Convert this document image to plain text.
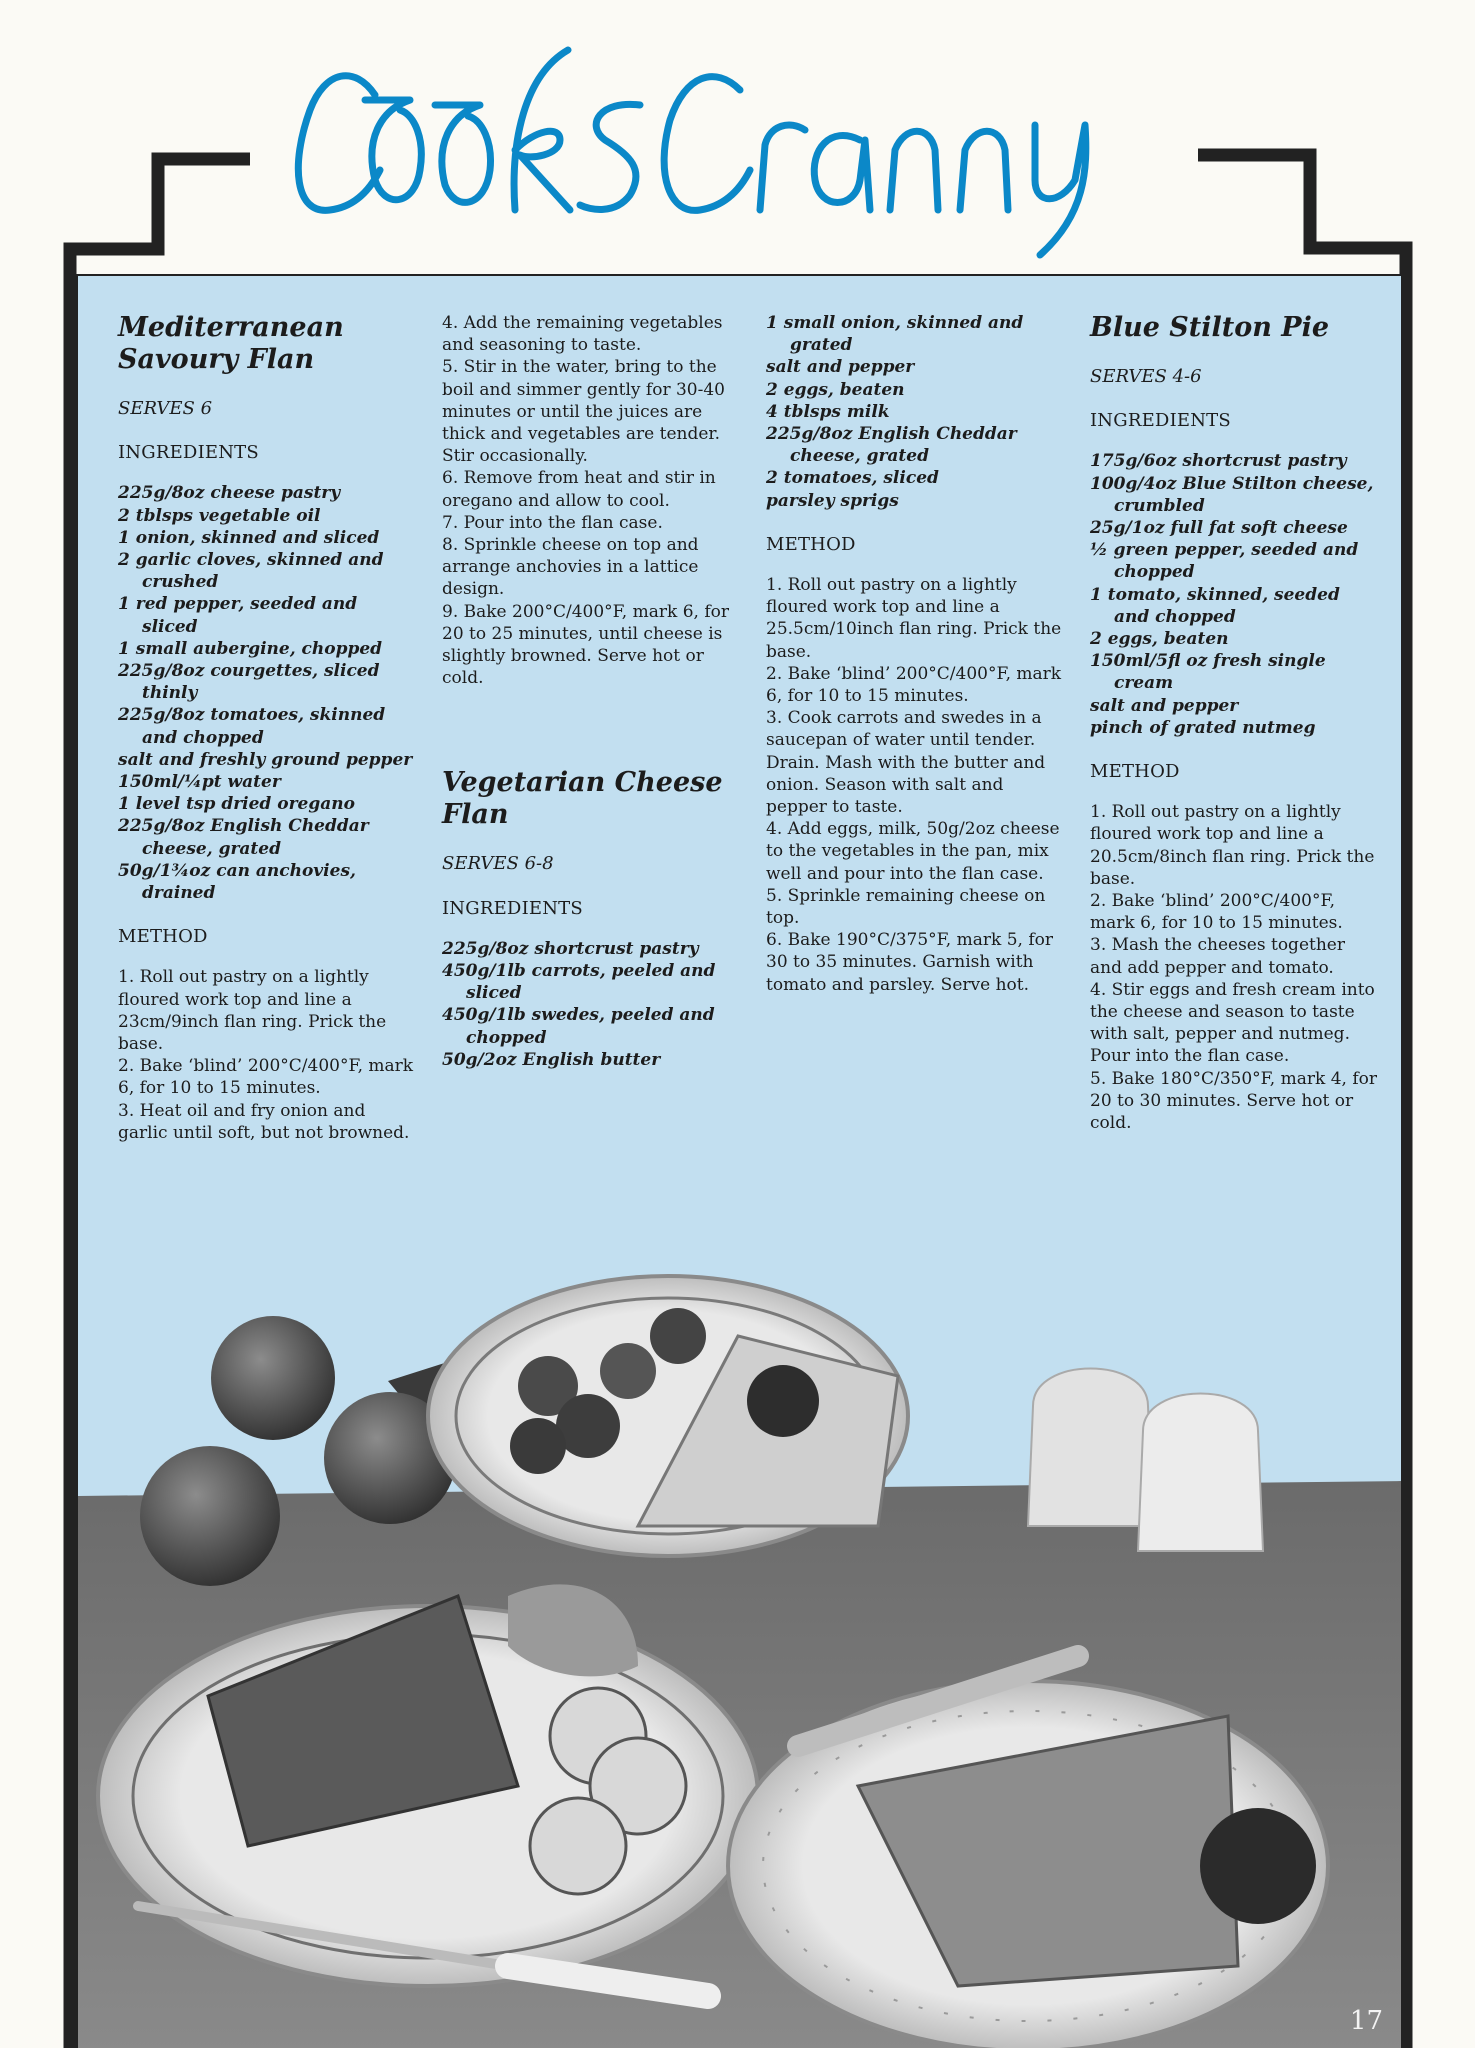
Mediterranean
Savoury Flan
SERVES 6
INGREDIENTS
225g/8oz cheese pastry
2 tblsps vegetable oil
1 onion, skinned and sliced
2 garlic cloves, skinned and crushed
1 red pepper, seeded and sliced
1 small aubergine, chopped
225g/8oz courgettes, sliced thinly
225g/8oz tomatoes, skinned and chopped
salt and freshly ground pepper
150ml/¼pt water
1 level tsp dried oregano
225g/8oz English Cheddar cheese, grated
50g/1¾oz can anchovies, drained
METHOD
1. Roll out pastry on a lightly floured work top and line a 23cm/9inch flan ring. Prick the base.
2. Bake ‘blind’ 200°C/400°F, mark 6, for 10 to 15 minutes.
3. Heat oil and fry onion and garlic until soft, but not browned.
4. Add the remaining vegetables and seasoning to taste.
5. Stir in the water, bring to the boil and simmer gently for 30-40 minutes or until the juices are thick and vegetables are tender. Stir occasionally.
6. Remove from heat and stir in oregano and allow to cool.
7. Pour into the flan case.
8. Sprinkle cheese on top and arrange anchovies in a lattice design.
9. Bake 200°C/400°F, mark 6, for 20 to 25 minutes, until cheese is slightly browned. Serve hot or cold.
Vegetarian Cheese
Flan
SERVES 6-8
INGREDIENTS
225g/8oz shortcrust pastry
450g/1lb carrots, peeled and sliced
450g/1lb swedes, peeled and chopped
50g/2oz English butter
1 small onion, skinned and grated
salt and pepper
2 eggs, beaten
4 tblsps milk
225g/8oz English Cheddar cheese, grated
2 tomatoes, sliced
parsley sprigs
METHOD
1. Roll out pastry on a lightly floured work top and line a 25.5cm/10inch flan ring. Prick the base.
2. Bake ‘blind’ 200°C/400°F, mark 6, for 10 to 15 minutes.
3. Cook carrots and swedes in a saucepan of water until tender. Drain. Mash with the butter and onion. Season with salt and pepper to taste.
4. Add eggs, milk, 50g/2oz cheese to the vegetables in the pan, mix well and pour into the flan case.
5. Sprinkle remaining cheese on top.
6. Bake 190°C/375°F, mark 5, for 30 to 35 minutes. Garnish with tomato and parsley. Serve hot.
Blue Stilton Pie
SERVES 4-6
INGREDIENTS
175g/6oz shortcrust pastry
100g/4oz Blue Stilton cheese, crumbled
25g/1oz full fat soft cheese
½ green pepper, seeded and chopped
1 tomato, skinned, seeded and chopped
2 eggs, beaten
150ml/5fl oz fresh single cream
salt and pepper
pinch of grated nutmeg
METHOD
1. Roll out pastry on a lightly floured work top and line a 20.5cm/8inch flan ring. Prick the base.
2. Bake ‘blind’ 200°C/400°F, mark 6, for 10 to 15 minutes.
3. Mash the cheeses together and add pepper and tomato.
4. Stir eggs and fresh cream into the cheese and season to taste with salt, pepper and nutmeg. Pour into the flan case.
5. Bake 180°C/350°F, mark 4, for 20 to 30 minutes. Serve hot or cold.
17
